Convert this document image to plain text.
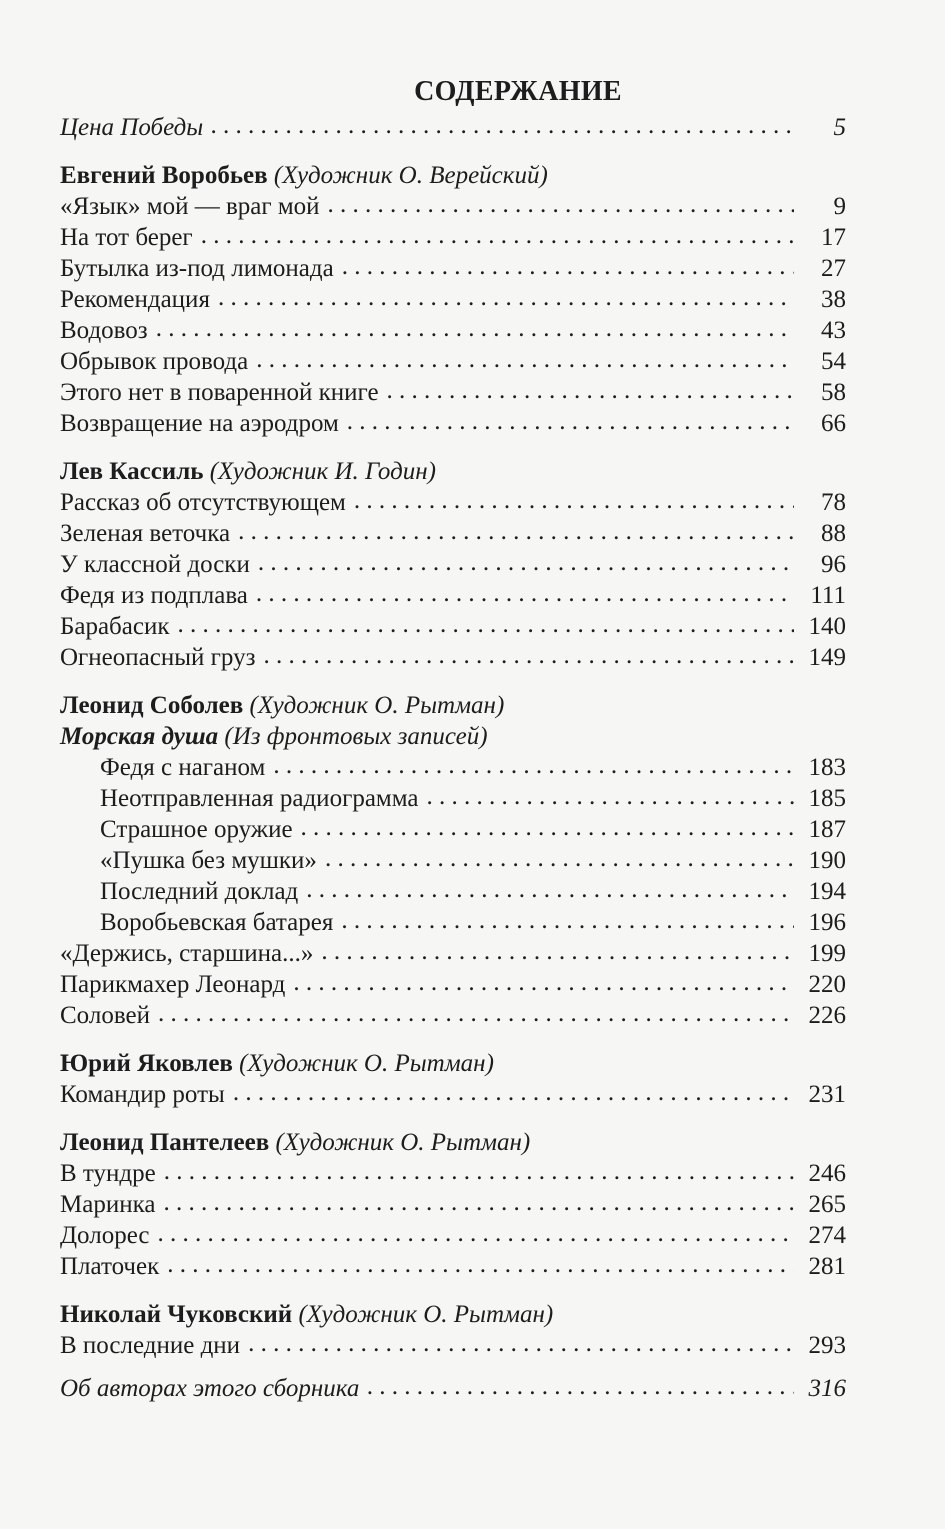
СОДЕРЖАНИЕ
Цена Победы . . .	5
Евгений Воробьев (Художник О. Верейский)
«Язык» мой — враг мой . . .	9
На тот берег . . .	17
Бутылка из-под лимонада . . .	27
Рекомендация . . .	38
Водовоз . . .	43
Обрывок провода . . .	54
Этого нет в поваренной книге . . .	58
Возвращение на аэродром . . .	66
Лев Кассиль (Художник И. Годин)
Рассказ об отсутствующем . . .	78
Зеленая веточка . . .	88
У классной доски . . .	96
Федя из подплава . . .	111
Барабасик . . .	140
Огнеопасный груз . . .	149
Леонид Соболев (Художник О. Рытман)
Морская душа (Из фронтовых записей)
Федя с наганом . . .	183
Неотправленная радиограмма . . .	185
Страшное оружие . . .	187
«Пушка без мушки» . . .	190
Последний доклад . . .	194
Воробьевская батарея . . .	196
«Держись, старшина...» . . .	199
Парикмахер Леонард . . .	220
Соловей . . .	226
Юрий Яковлев (Художник О. Рытман)
Командир роты . . .	231
Леонид Пантелеев (Художник О. Рытман)
В тундре . . .	246
Маринка . . .	265
Долорес . . .	274
Платочек . . .	281
Николай Чуковский (Художник О. Рытман)
В последние дни . . .	293
Об авторах этого сборника . . .	316
